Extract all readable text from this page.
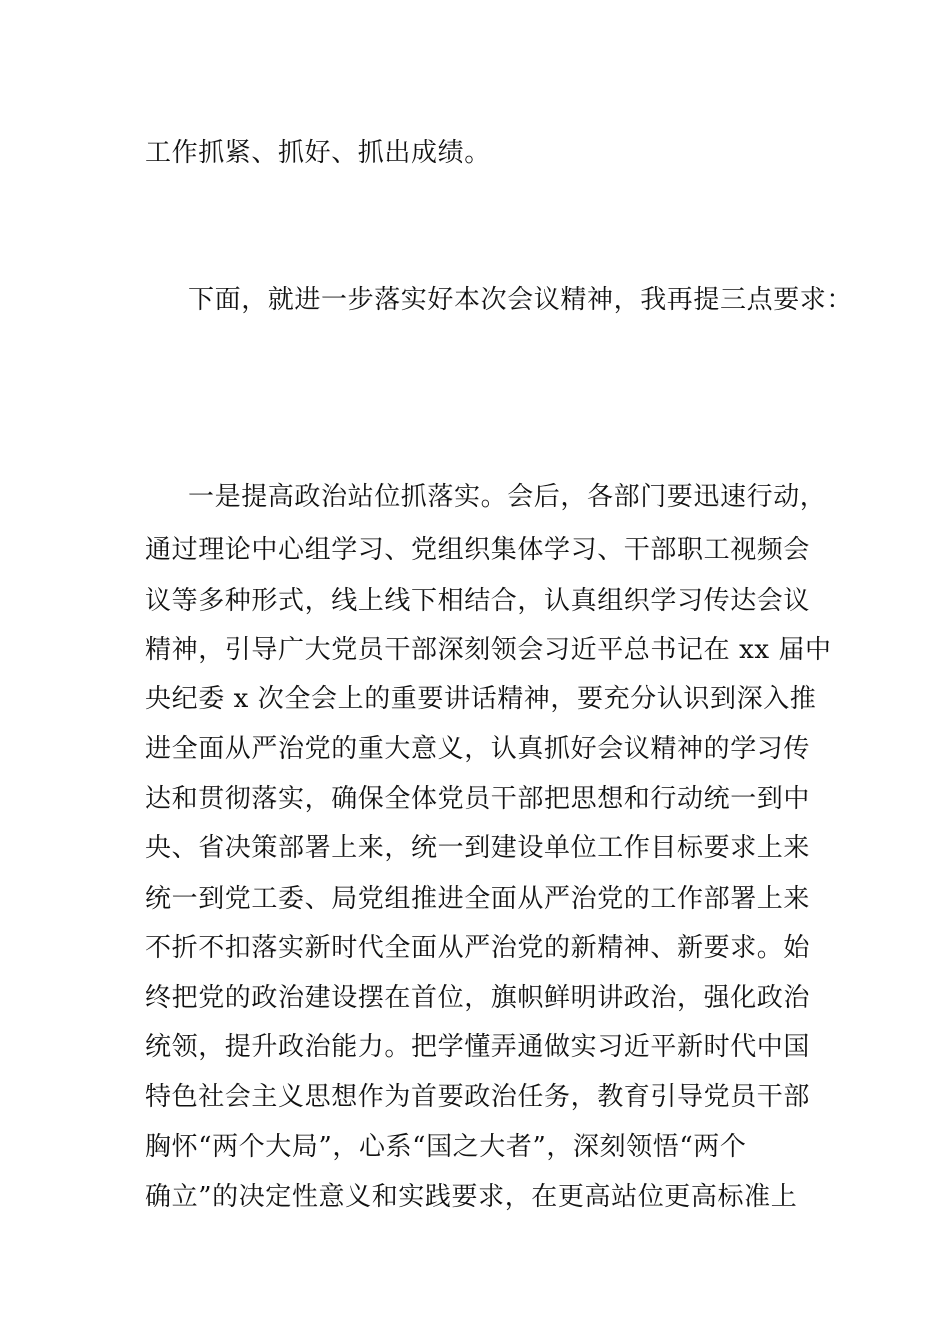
工作抓紧、抓好、抓出成绩。
下面，就进一步落实好本次会议精神，我再提三点要求：
一是提高政治站位抓落实。会后，各部门要迅速行动，
通过理论中心组学习、党组织集体学习、干部职工视频会
议等多种形式，线上线下相结合，认真组织学习传达会议
精神，引导广大党员干部深刻领会习近平总书记在 xx 届中
央纪委 x 次全会上的重要讲话精神，要充分认识到深入推
进全面从严治党的重大意义，认真抓好会议精神的学习传
达和贯彻落实，确保全体党员干部把思想和行动统一到中
央、省决策部署上来，统一到建设单位工作目标要求上来
统一到党工委、局党组推进全面从严治党的工作部署上来
不折不扣落实新时代全面从严治党的新精神、新要求。始
终把党的政治建设摆在首位，旗帜鲜明讲政治，强化政治
统领，提升政治能力。把学懂弄通做实习近平新时代中国
特色社会主义思想作为首要政治任务，教育引导党员干部
胸怀“两个大局”，心系“国之大者”，深刻领悟“两个
确立”的决定性意义和实践要求，在更高站位更高标准上
